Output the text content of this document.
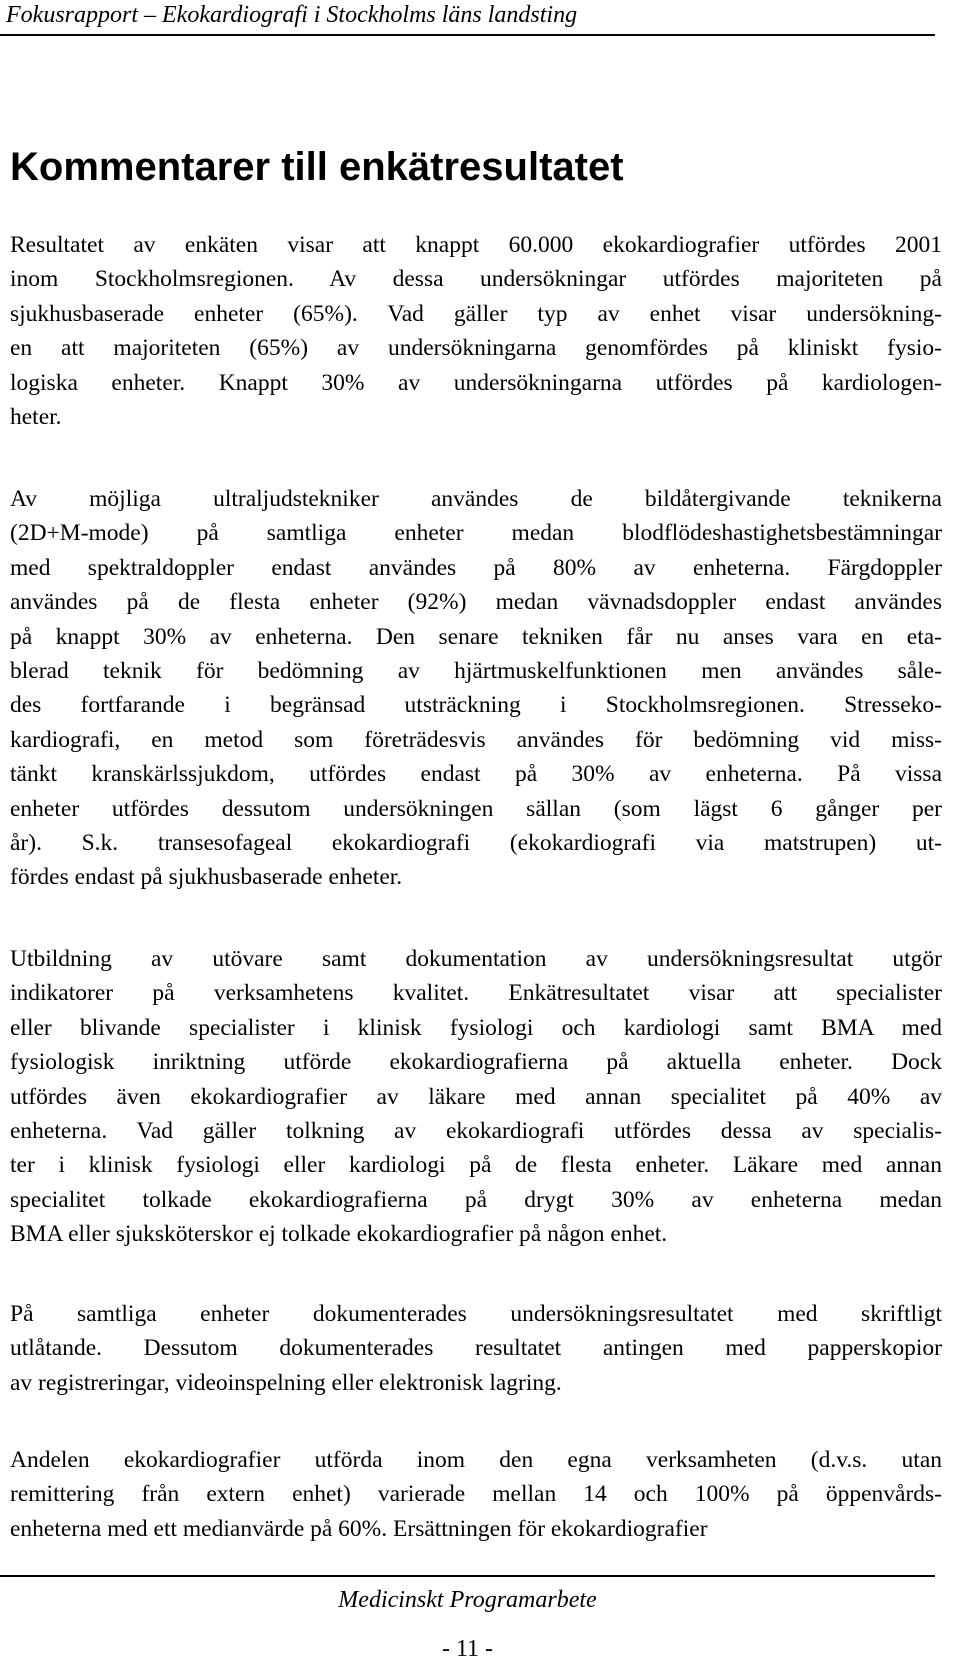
Fokusrapport – Ekokardiografi i Stockholms läns landsting
Kommentarer till enkätresultatet

Resultatet av enkäten visar att knappt 60.000 ekokardiografier utfördes 2001
inom Stockholmsregionen. Av dessa undersökningar utfördes majoriteten på
sjukhusbaserade enheter (65%). Vad gäller typ av enhet visar undersökning-
en att majoriteten (65%) av undersökningarna genomfördes på kliniskt fysio-
logiska enheter. Knappt 30% av undersökningarna utfördes på kardiologen-
heter.

Av möjliga ultraljudstekniker användes de bildåtergivande teknikerna
(2D+M-mode) på samtliga enheter medan blodflödeshastighetsbestämningar
med spektraldoppler endast användes på 80% av enheterna. Färgdoppler
användes på de flesta enheter (92%) medan vävnadsdoppler endast användes
på knappt 30% av enheterna. Den senare tekniken får nu anses vara en eta-
blerad teknik för bedömning av hjärtmuskelfunktionen men användes såle-
des fortfarande i begränsad utsträckning i Stockholmsregionen. Stresseko-
kardiografi, en metod som företrädesvis användes för bedömning vid miss-
tänkt kranskärlssjukdom, utfördes endast på 30% av enheterna. På vissa
enheter utfördes dessutom undersökningen sällan (som lägst 6 gånger per
år). S.k. transesofageal ekokardiografi (ekokardiografi via matstrupen) ut-
fördes endast på sjukhusbaserade enheter.

Utbildning av utövare samt dokumentation av undersökningsresultat utgör
indikatorer på verksamhetens kvalitet. Enkätresultatet visar att specialister
eller blivande specialister i klinisk fysiologi och kardiologi samt BMA med
fysiologisk inriktning utförde ekokardiografierna på aktuella enheter. Dock
utfördes även ekokardiografier av läkare med annan specialitet på 40% av
enheterna. Vad gäller tolkning av ekokardiografi utfördes dessa av specialis-
ter i klinisk fysiologi eller kardiologi på de flesta enheter. Läkare med annan
specialitet tolkade ekokardiografierna på drygt 30% av enheterna medan
BMA eller sjuksköterskor ej tolkade ekokardiografier på någon enhet.

På samtliga enheter dokumenterades undersökningsresultatet med skriftligt
utlåtande. Dessutom dokumenterades resultatet antingen med papperskopior
av registreringar, videoinspelning eller elektronisk lagring.

Andelen ekokardiografier utförda inom den egna verksamheten (d.v.s. utan
remittering från extern enhet) varierade mellan 14 och 100% på öppenvårds-
enheterna med ett medianvärde på 60%. Ersättningen för ekokardiografier

Medicinskt Programarbete
- 11 -
